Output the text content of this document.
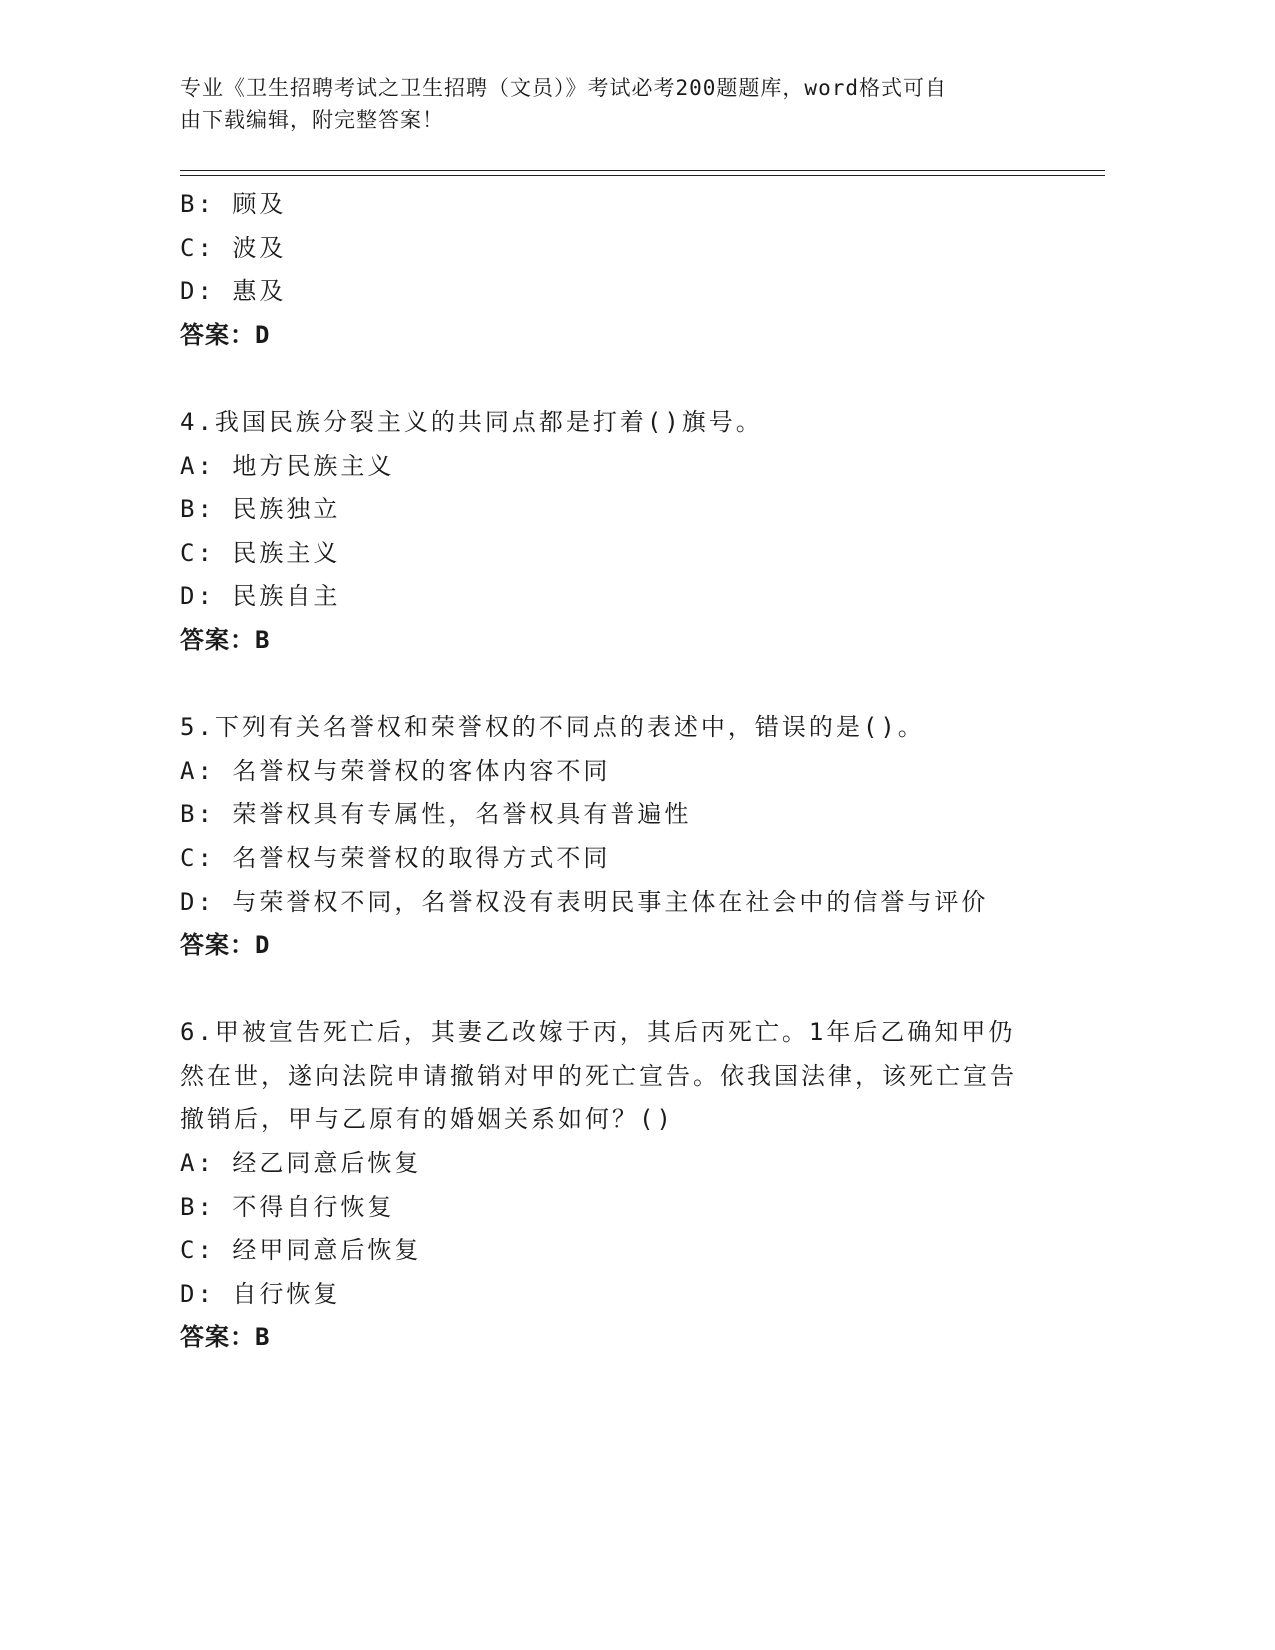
专业《卫生招聘考试之卫生招聘（文员）》考试必考200题题库，word格式可自
由下载编辑，附完整答案！
B: 顾及
C: 波及
D: 惠及
答案：D
4.我国民族分裂主义的共同点都是打着()旗号。
A: 地方民族主义
B: 民族独立
C: 民族主义
D: 民族自主
答案：B
5.下列有关名誉权和荣誉权的不同点的表述中，错误的是()。
A: 名誉权与荣誉权的客体内容不同
B: 荣誉权具有专属性，名誉权具有普遍性
C: 名誉权与荣誉权的取得方式不同
D: 与荣誉权不同，名誉权没有表明民事主体在社会中的信誉与评价
答案：D
6.甲被宣告死亡后，其妻乙改嫁于丙，其后丙死亡。1年后乙确知甲仍然在世，遂向法院申请撤销对甲的死亡宣告。依我国法律，该死亡宣告撤销后，甲与乙原有的婚姻关系如何？()
A: 经乙同意后恢复
B: 不得自行恢复
C: 经甲同意后恢复
D: 自行恢复
答案：B
